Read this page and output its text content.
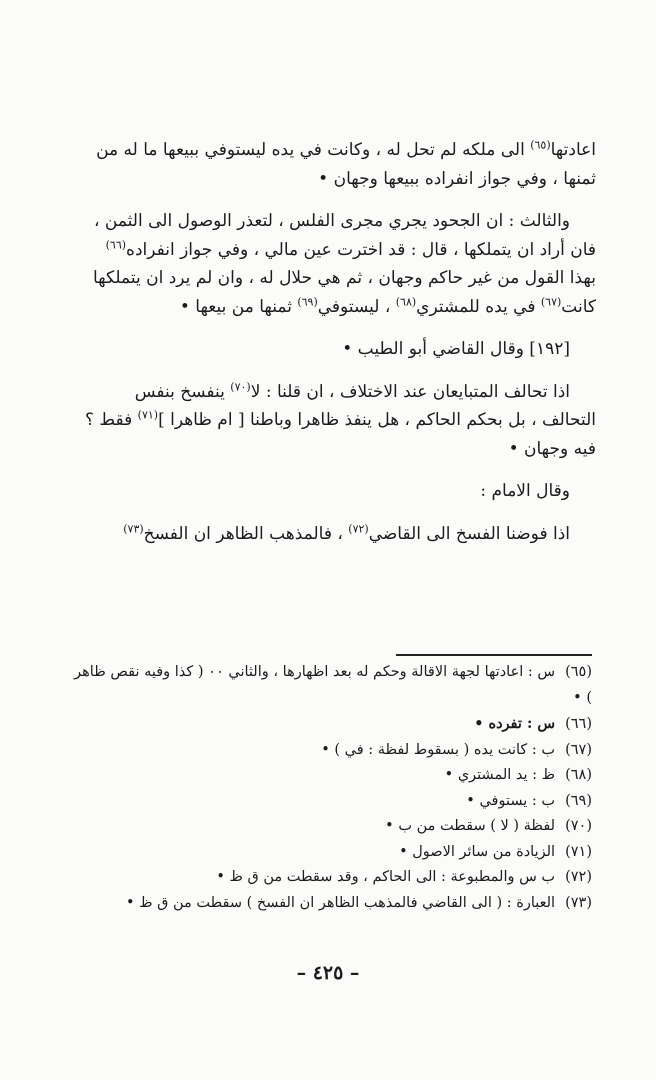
اعادتها$^{(٦٥)}$ الى ملكه لم تحل له ، وكانت في يده ليستوفي ببيعها ما له من ثمنها ، وفي جواز انفراده ببيعها وجهان •

والثالث : ان الجحود يجري مجرى الفلس ، لتعذر الوصول الى الثمن ، فان أراد ان يتملكها ، قال : قد اخترت عين مالي ، وفي جواز انفراده$^{(٦٦)}$ بهذا القول من غير حاكم وجهان ، ثم هي حلال له ، وان لم يرد ان يتملكها كانت$^{(٦٧)}$ في يده للمشتري$^{(٦٨)}$ ، ليستوفي$^{(٦٩)}$ ثمنها من بيعها •

[١٩٢] وقال القاضي أبو الطيب •

اذا تحالف المتبايعان عند الاختلاف ، ان قلنا : لا$^{(٧٠)}$ ينفسخ بنفس التحالف ، بل بحكم الحاكم ، هل ينفذ ظاهرا وباطنا [ ام ظاهرا ]$^{(٧١)}$ فقط ؟ فيه وجهان •

وقال الامام :

اذا فوضنا الفسخ الى القاضي$^{(٧٢)}$ ، فالمذهب الظاهر ان الفسخ$^{(٧٣)}$

(٦٥)س : اعادتها لجهة الاقالة وحكم له بعد اظهارها ، والثاني ٠٠ ( كذا وفيه نقص ظاهر ) •

(٦٦)س : تفرده •

(٦٧)ب : كانت يده ( بسقوط لفظة : في ) •

(٦٨)ظ : يد المشتري •

(٦٩)ب : يستوفي •

(٧٠)لفظة ( لا ) سقطت من ب •

(٧١)الزيادة من سائر الاصول •

(٧٢)ب س والمطبوعة : الى الحاكم ، وقد سقطت من ق ظ •

(٧٣)العبارة : ( الى القاضي فالمذهب الظاهر ان الفسخ ) سقطت من ق ظ •

– ٤٢٥ –
